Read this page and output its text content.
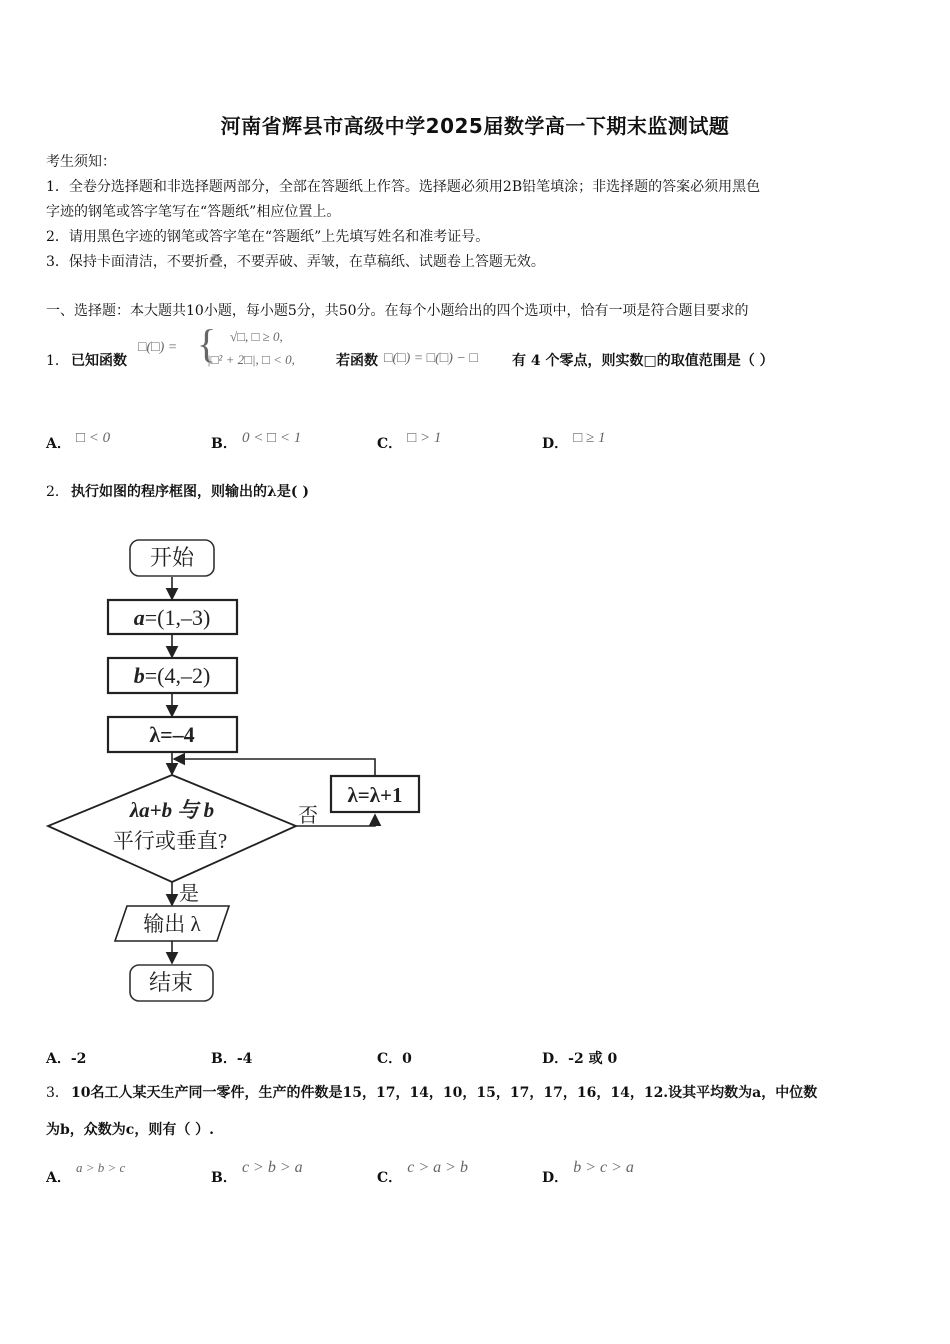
河南省辉县市高级中学2025届数学高一下期末监测试题
考生须知：
1．全卷分选择题和非选择题两部分，全部在答题纸上作答。选择题必须用2B铅笔填涂；非选择题的答案必须用黑色
字迹的钢笔或答字笔写在“答题纸”相应位置上。
2．请用黑色字迹的钢笔或答字笔在“答题纸”上先填写姓名和准考证号。
3．保持卡面清洁，不要折叠，不要弄破、弄皱，在草稿纸、试题卷上答题无效。
一、选择题：本大题共10小题，每小题5分，共50分。在每个小题给出的四个选项中，恰有一项是符合题目要求的
1． 已知函数
□(□) = { √□, □ ≥ 0,
|□² + 2□|, □ < 0,	若函数 □(□) = □(□) − □ 有 4 个零点，则实数□的取值范围是（ ）
A． □ < 0	B． 0 < □ < 1	C． □ > 1	D． □ ≥ 1
2． 执行如图的程序框图，则输出的λ是( )
开始
a=(1,–3)
b=(4,–2)
λ=–4
λa+b 与 b
平行或垂直?
λ=λ+1
否
是
输出 λ
结束
A．-2	B．-4	C．0	D．-2 或 0
3． 10名工人某天生产同一零件，生产的件数是15，17，14，10，15，17，17，16，14，12.设其平均数为a，中位数
为b，众数为c，则有（ ）.
A． $^{a > b > c}$
B． c > b > a
C． c > a > b
D． b > c > a
